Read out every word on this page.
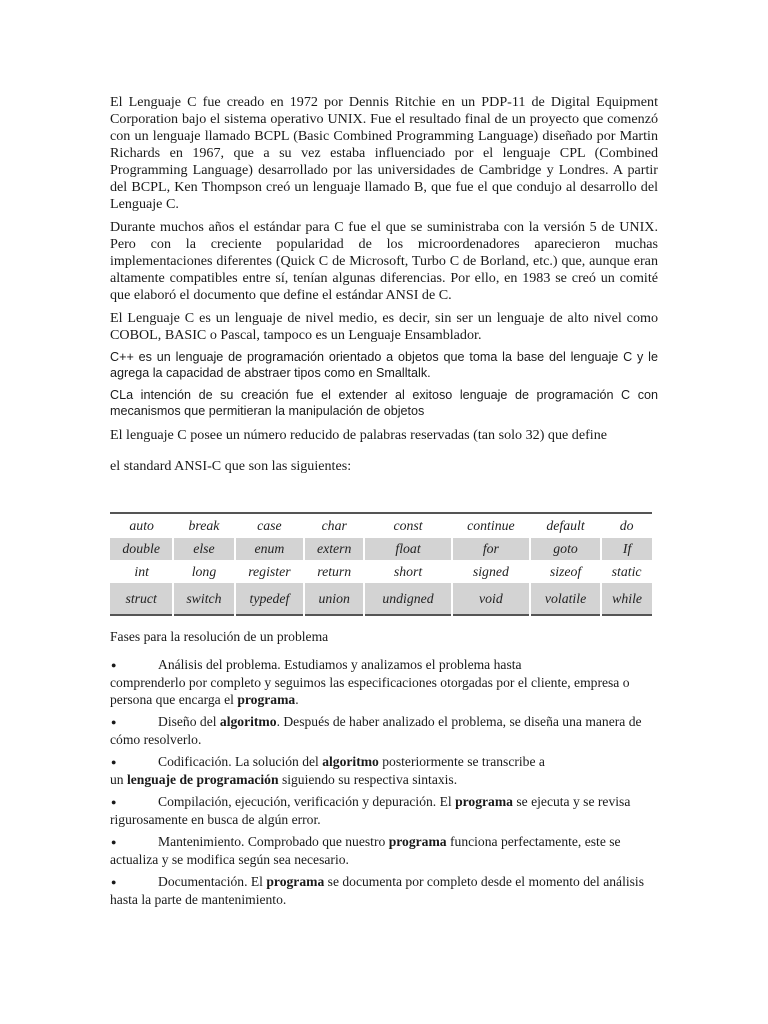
El Lenguaje C fue creado en 1972 por Dennis Ritchie en un PDP-11 de Digital Equipment Corporation bajo el sistema operativo UNIX. Fue el resultado final de un proyecto que comenzó con un lenguaje llamado BCPL (Basic Combined Programming Language) diseñado por Martin Richards en 1967, que a su vez estaba influenciado por el lenguaje CPL (Combined Programming Language) desarrollado por las universidades de Cambridge y Londres. A partir del BCPL, Ken Thompson creó un lenguaje llamado B, que fue el que condujo al desarrollo del Lenguaje C.

Durante muchos años el estándar para C fue el que se suministraba con la versión 5 de UNIX. Pero con la creciente popularidad de los microordenadores aparecieron muchas implementaciones diferentes (Quick C de Microsoft, Turbo C de Borland, etc.) que, aunque eran altamente compatibles entre sí, tenían algunas diferencias. Por ello, en 1983 se creó un comité que elaboró el documento que define el estándar ANSI de C.

El Lenguaje C es un lenguaje de nivel medio, es decir, sin ser un lenguaje de alto nivel como COBOL, BASIC o Pascal, tampoco es un Lenguaje Ensamblador.

C++ es un lenguaje de programación orientado a objetos que toma la base del lenguaje C y le agrega la capacidad de abstraer tipos como en Smalltalk.

CLa intención de su creación fue el extender al exitoso lenguaje de programación C con mecanismos que permitieran la manipulación de objetos

El lenguaje C posee un número reducido de palabras reservadas (tan solo 32) que define

el standard ANSI-C que son las siguientes:

auto	break	case	char	const	continue	default	do
double	else	enum	extern	float	for	goto	If
int	long	register	return	short	signed	sizeof	static
struct	switch	typedef	union	undigned	void	volatile	while

Fases para la resolución de un problema

●	Análisis del problema. Estudiamos y analizamos el problema hasta
comprenderlo por completo y seguimos las especificaciones otorgadas por el cliente, empresa o persona que encarga el programa.

●	Diseño del algoritmo. Después de haber analizado el problema, se diseña una manera de cómo resolverlo.

●	Codificación. La solución del algoritmo posteriormente se transcribe a
un lenguaje de programación siguiendo su respectiva sintaxis.

●	Compilación, ejecución, verificación y depuración. El programa se ejecuta y se revisa rigurosamente en busca de algún error.

●	Mantenimiento. Comprobado que nuestro programa funciona perfectamente, este se actualiza y se modifica según sea necesario.

●	Documentación. El programa se documenta por completo desde el momento del análisis hasta la parte de mantenimiento.
